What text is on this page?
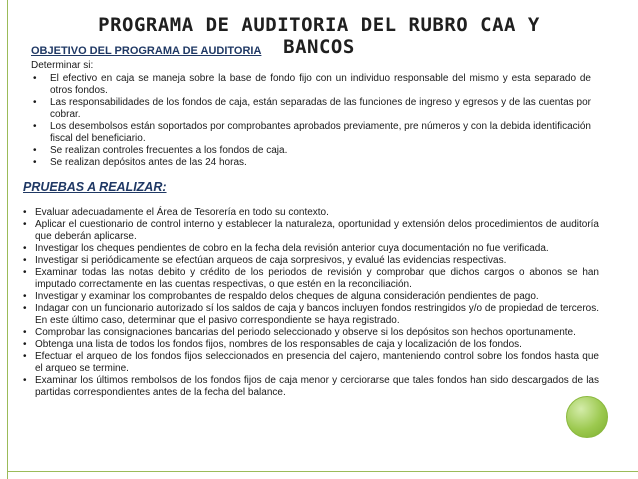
PROGRAMA DE AUDITORIA DEL RUBRO CAA Y
BANCOS
OBJETIVO DEL PROGRAMA DE AUDITORIA
Determinar si:
• El efectivo en caja se maneja sobre la base de fondo fijo con un individuo responsable del mismo y esta separado de otros fondos.
• Las responsabilidades de los fondos de caja, están separadas de las funciones de ingreso y egresos y de las cuentas por cobrar.
• Los desembolsos están soportados por comprobantes aprobados previamente, pre números y con la debida identificación fiscal del beneficiario.
• Se realizan controles frecuentes a los fondos de caja.
• Se realizan depósitos antes de las 24 horas.
PRUEBAS A REALIZAR:
• Evaluar adecuadamente el Área de Tesorería en todo su contexto.
• Aplicar el cuestionario de control interno y establecer la naturaleza, oportunidad y extensión delos procedimientos de auditoría que deberán aplicarse.
• Investigar los cheques pendientes de cobro en la fecha dela revisión anterior cuya documentación no fue verificada.
• Investigar si periódicamente se efectúan arqueos de caja sorpresivos, y evalué las evidencias respectivas.
• Examinar todas las notas debito y crédito de los periodos de revisión y comprobar que dichos cargos o abonos se han imputado correctamente en las cuentas respectivas, o que estén en la reconciliación.
• Investigar y examinar los comprobantes de respaldo delos cheques de alguna consideración pendientes de pago.
• Indagar con un funcionario autorizado sí los saldos de caja y bancos incluyen fondos restringidos y/o de propiedad de terceros. En este último caso, determinar que el pasivo correspondiente se haya registrado.
• Comprobar las consignaciones bancarias del periodo seleccionado y observe si los depósitos son hechos oportunamente.
• Obtenga una lista de todos los fondos fijos, nombres de los responsables de caja y localización de los fondos.
• Efectuar el arqueo de los fondos fijos seleccionados en presencia del cajero, manteniendo control sobre los fondos hasta que el arqueo se termine.
• Examinar los últimos rembolsos de los fondos fijos de caja menor y cerciorarse que tales fondos han sido descargados de las partidas correspondientes antes de la fecha del balance.
